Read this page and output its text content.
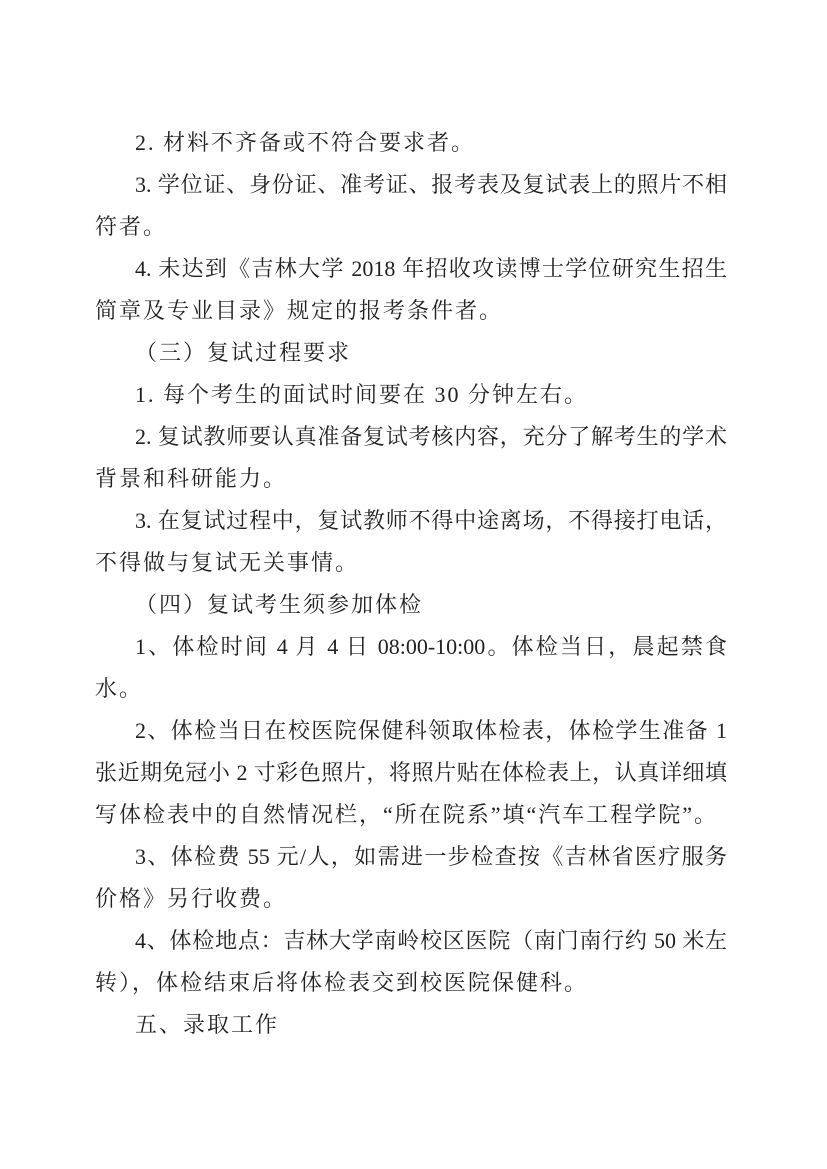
2. 材料不齐备或不符合要求者。
3. 学位证、身份证、准考证、报考表及复试表上的照片不相
符者。
4. 未达到《吉林大学 2018 年招收攻读博士学位研究生招生
简章及专业目录》规定的报考条件者。
（三）复试过程要求
1. 每个考生的面试时间要在 30 分钟左右。
2. 复试教师要认真准备复试考核内容，充分了解考生的学术
背景和科研能力。
3. 在复试过程中，复试教师不得中途离场，不得接打电话，
不得做与复试无关事情。
（四）复试考生须参加体检
1、体检时间 4 月 4 日 08:00-10:00。体检当日，晨起禁食
水。
2、体检当日在校医院保健科领取体检表，体检学生准备 1
张近期免冠小 2 寸彩色照片，将照片贴在体检表上，认真详细填
写体检表中的自然情况栏，“所在院系”填“汽车工程学院”。
3、体检费 55 元/人，如需进一步检查按《吉林省医疗服务
价格》另行收费。
4、体检地点：吉林大学南岭校区医院（南门南行约 50 米左
转），体检结束后将体检表交到校医院保健科。
五、录取工作
